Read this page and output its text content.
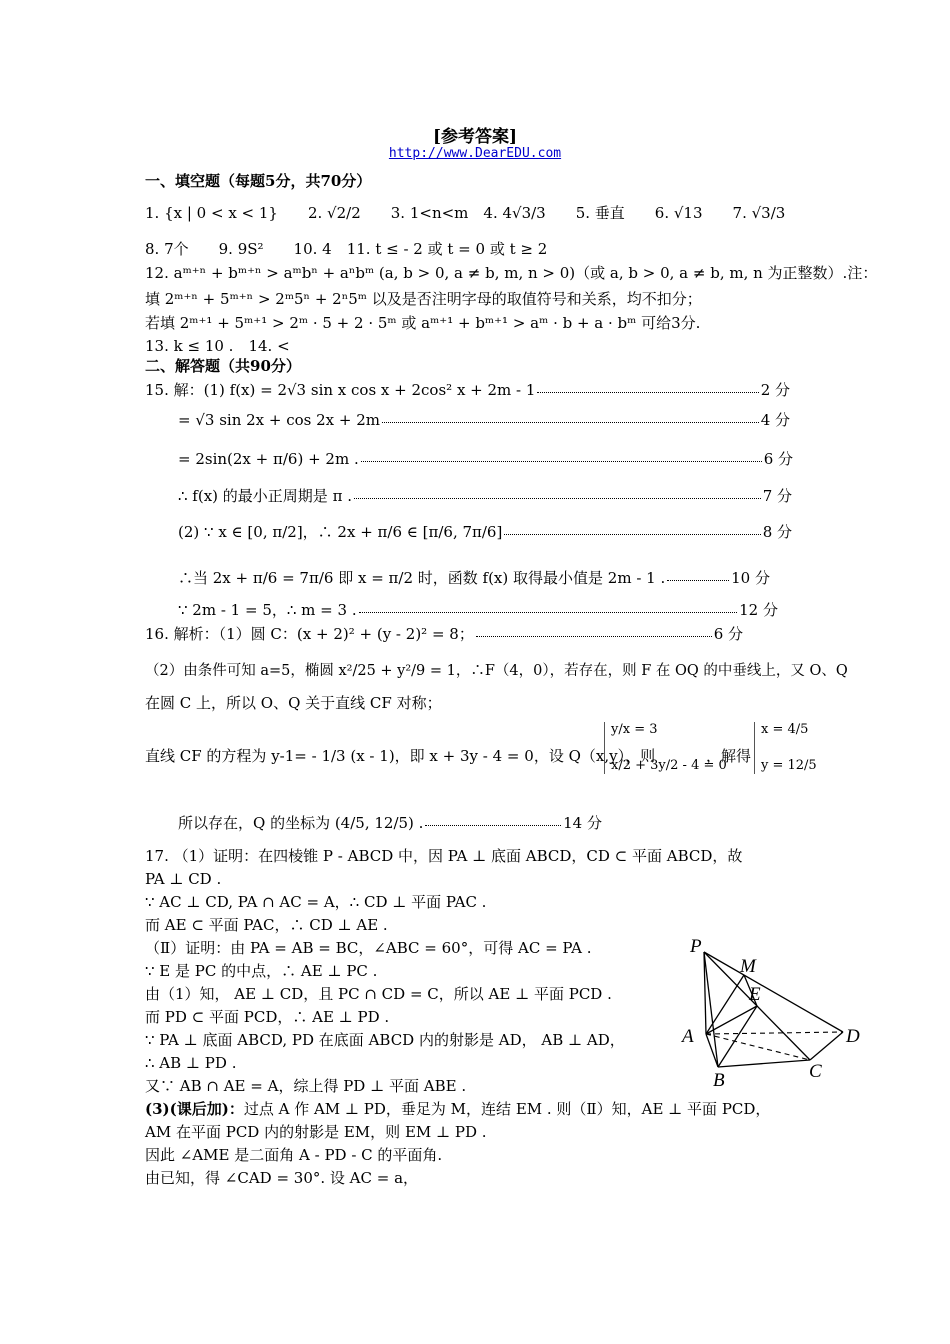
[参考答案]
http://www.DearEDU.com
一、填空题（每题5分，共70分）
1. {x | 0 < x < 1}　　2. √2/2　　3. 1<n<m　4. 4√3/3　　5. 垂直　　6. √13　　7. √3/3
8. 7个　　9. 9S²　　10. 4　11. t ≤ - 2 或 t = 0 或 t ≥ 2
12. aᵐ⁺ⁿ + bᵐ⁺ⁿ > aᵐbⁿ + aⁿbᵐ (a, b > 0, a ≠ b, m, n > 0)（或 a, b > 0, a ≠ b, m, n 为正整数）.注：
填 2ᵐ⁺ⁿ + 5ᵐ⁺ⁿ > 2ᵐ5ⁿ + 2ⁿ5ᵐ 以及是否注明字母的取值符号和关系，均不扣分；
若填 2ᵐ⁺¹ + 5ᵐ⁺¹ > 2ᵐ · 5 + 2 · 5ᵐ 或 aᵐ⁺¹ + bᵐ⁺¹ > aᵐ · b + a · bᵐ 可给3分.
13. k ≤ 10 .　14. <
二、解答题（共90分）
15. 解：(1) f(x) = 2√3 sin x cos x + 2cos² x + 2m - 1	2 分
= √3 sin 2x + cos 2x + 2m	4 分
= 2sin(2x + π/6) + 2m .	6 分
∴ f(x) 的最小正周期是 π .	7 分
(2) ∵ x ∈ [0, π/2]，∴ 2x + π/6 ∈ [π/6, 7π/6]	8 分
∴当 2x + π/6 = 7π/6 即 x = π/2 时，函数 f(x) 取得最小值是 2m - 1 .	10 分
∵ 2m - 1 = 5，∴ m = 3 .	12 分
16. 解析：（1）圆 C：(x + 2)² + (y - 2)² = 8；	6 分
（2）由条件可知 a=5，椭圆 x²/25 + y²/9 = 1，∴F（4，0），若存在，则 F 在 OQ 的中垂线上，又 O、Q
在圆 C 上，所以 O、Q 关于直线 CF 对称；
直线 CF 的方程为 y-1= - 1/3 (x - 1)，即 x + 3y - 4 = 0，设 Q（x,y），则
y/x = 3
x/2 + 3y/2 - 4 = 0
，解得
x = 4/5
y = 12/5
所以存在，Q 的坐标为 (4/5, 12/5) .	14 分
17. （1）证明：在四棱锥 P - ABCD 中，因 PA ⊥ 底面 ABCD，CD ⊂ 平面 ABCD，故
PA ⊥ CD .
∵ AC ⊥ CD, PA ∩ AC = A，∴ CD ⊥ 平面 PAC .
而 AE ⊂ 平面 PAC，∴ CD ⊥ AE .
（Ⅱ）证明：由 PA = AB = BC，∠ABC = 60°，可得 AC = PA .
∵ E 是 PC 的中点，∴ AE ⊥ PC .
由（1）知， AE ⊥ CD，且 PC ∩ CD = C，所以 AE ⊥ 平面 PCD .
而 PD ⊂ 平面 PCD，∴ AE ⊥ PD .
∵ PA ⊥ 底面 ABCD, PD 在底面 ABCD 内的射影是 AD， AB ⊥ AD，
∴ AB ⊥ PD .
又∵ AB ∩ AE = A，综上得 PD ⊥ 平面 ABE .
(3)(课后加)：过点 A 作 AM ⊥ PD，垂足为 M，连结 EM . 则（Ⅱ）知，AE ⊥ 平面 PCD，
AM 在平面 PCD 内的射影是 EM，则 EM ⊥ PD .
因此 ∠AME 是二面角 A - PD - C 的平面角.
由已知，得 ∠CAD = 30°. 设 AC = a，
P
M
E
A	D
B	C
